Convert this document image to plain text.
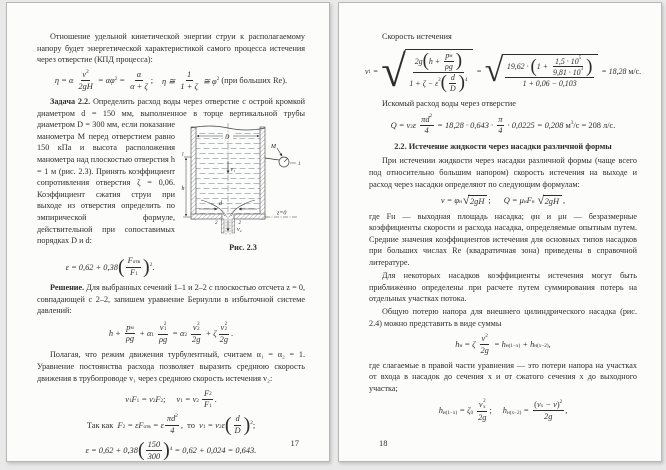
Отношение удельной кинетической энергии струи к располагаемому напору будет энергетической характеристикой самого процесса истечения через отверстие (КПД процесса):

η = α $\frac{v 2}{2gH} = \alpha\varphi$ $2 = \frac{\alpha}{\alpha + \zeta}$ ; η ≅ $\frac{1}{1 + \zeta}$ ≅ φ 2 (при больших Re).

Задача 2.2. Определить расход воды через отверстие с острой кромкой диаметром d = 150 мм, выполненное в торце вертикальной
D
1
M
1
v₁
h
d
v₂
2	2
z=0
Рис. 2.3
трубы диаметром D = 300 мм, если показание манометра M перед отверстием равно 150 кПа и высота расположения манометра над плоскостью отверстия h = 1 м (рис. 2.3). Принять коэффициент сопротивления отверстия ζ = 0,06. Коэффициент сжатия струи при выходе из отверстия определить по эмпирической формуле, действительной при сопоставимых порядках D и d:

ε = 0,62 + 0,38 ( $\frac{\text{F отв}}{F 1}$ ) 2 .

Решение. Для выбранных сечений 1–1 и 2–2 с плоскостью отсчета z = 0, совпадающей с 2–2, запишем уравнение Бернулли в избыточной системе давлений:

$h + \frac{\text{p м}}{\rho g} + \alpha$ 1 v 2
1
ρg = α 2 v 2
2
2g + ζ v 2
2
2g .

Полагая, что режим движения турбулентный, считаем α₁ = α₂ = 1. Уравнение постоянства расхода позволяет выразить среднюю скорость движения в трубопроводе v₁ через среднюю скорость истечения v₂:

v 1 F 1 = v 2 F 2 ; v 1 = v $2 \frac{F 2}{F 1}$ .
Так как F 2 = εF отв = ε $\frac{\pi d 2}{4}$ ,  то v 1 = v 2 ε ( $\frac{d}{D}$ ) 2 ;
ε = 0,62 + 0,38 ( $\frac{150}{300}$ ) 4 = 0,62 + 0,024 = 0,643.
17

Скорость истечения

v 1 = √ $\frac{2g ( h + \frac{\text{p м}}{\rho g} )}{1 + \zeta - \varepsilon 2 ( \frac{d}{D} ) 4}$ = √ $\frac{19,62 \cdot ( 1 + \frac{1,5 \cdot 10 5}{9,81 \cdot 10 3} )}{1 + 0,06 - 0,103} = 18,28$ м/с.

Искомый расход воды через отверстие

Q = v 2 ε $\frac{\pi d 2}{4} = 18,28 \cdot 0,643 \cdot \frac{\pi}{4} \cdot 0,0225 = 0,208$ м 3 /с = 208 л/с.
2.2. Истечение жидкости через насадки различной формы

При истечении жидкости через насадки различной формы (чаще всего под относительно большим напором) скорость истечения на выходе и расход через насадки определяют по следующим формулам:

v = φ н √ 2gH ; Q = μ н F н √ 2gH ,

где Fн — выходная площадь насадка; φн и μн — безразмерные коэффициенты скорости и расхода насадка, определяемые опытным путем. Средние значения коэффициентов истечения для основных типов насадков при больших числах Re (квадратичная зона) приведены в справочной литературе.

Для некоторых насадков коэффициенты истечения могут быть приближенно определены при расчете путем суммирования потерь на отдельных участках потока.

Общую потерю напора для внешнего цилиндрического насадка (рис. 2.4) можно представить в виде суммы

h н = ζ $\frac{v 2}{2g} = h$ н(1−x) + h н(x−2) ,

где слагаемые в правой части уравнения — это потери напора на участках от входа в насадок до сечения x и от сжатого сечения x до выходного участка;

h н(1−x) = ζ 0 v 2
x
2g ; h $н(x-2) = \frac{\text{( v x − v ) 2}}{2g}$ ,
18
